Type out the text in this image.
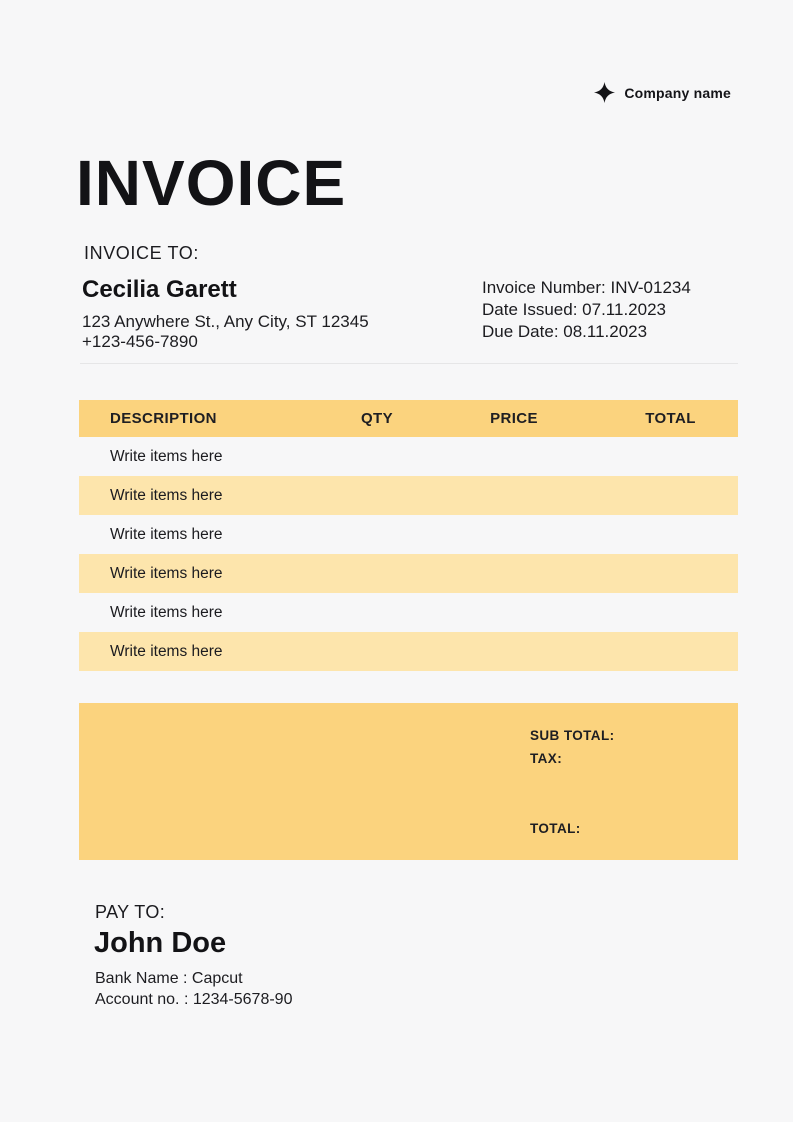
Company name
INVOICE
INVOICE TO:
Cecilia Garett
123 Anywhere St., Any City, ST 12345
+123-456-7890
Invoice Number: INV-01234
Date Issued: 07.11.2023
Due Date: 08.11.2023
DESCRIPTION	QTY	PRICE	TOTAL
Write items here
Write items here
Write items here
Write items here
Write items here
Write items here
SUB TOTAL:
TAX:
TOTAL:
PAY TO:
John Doe
Bank Name : Capcut
Account no. : 1234-5678-90
